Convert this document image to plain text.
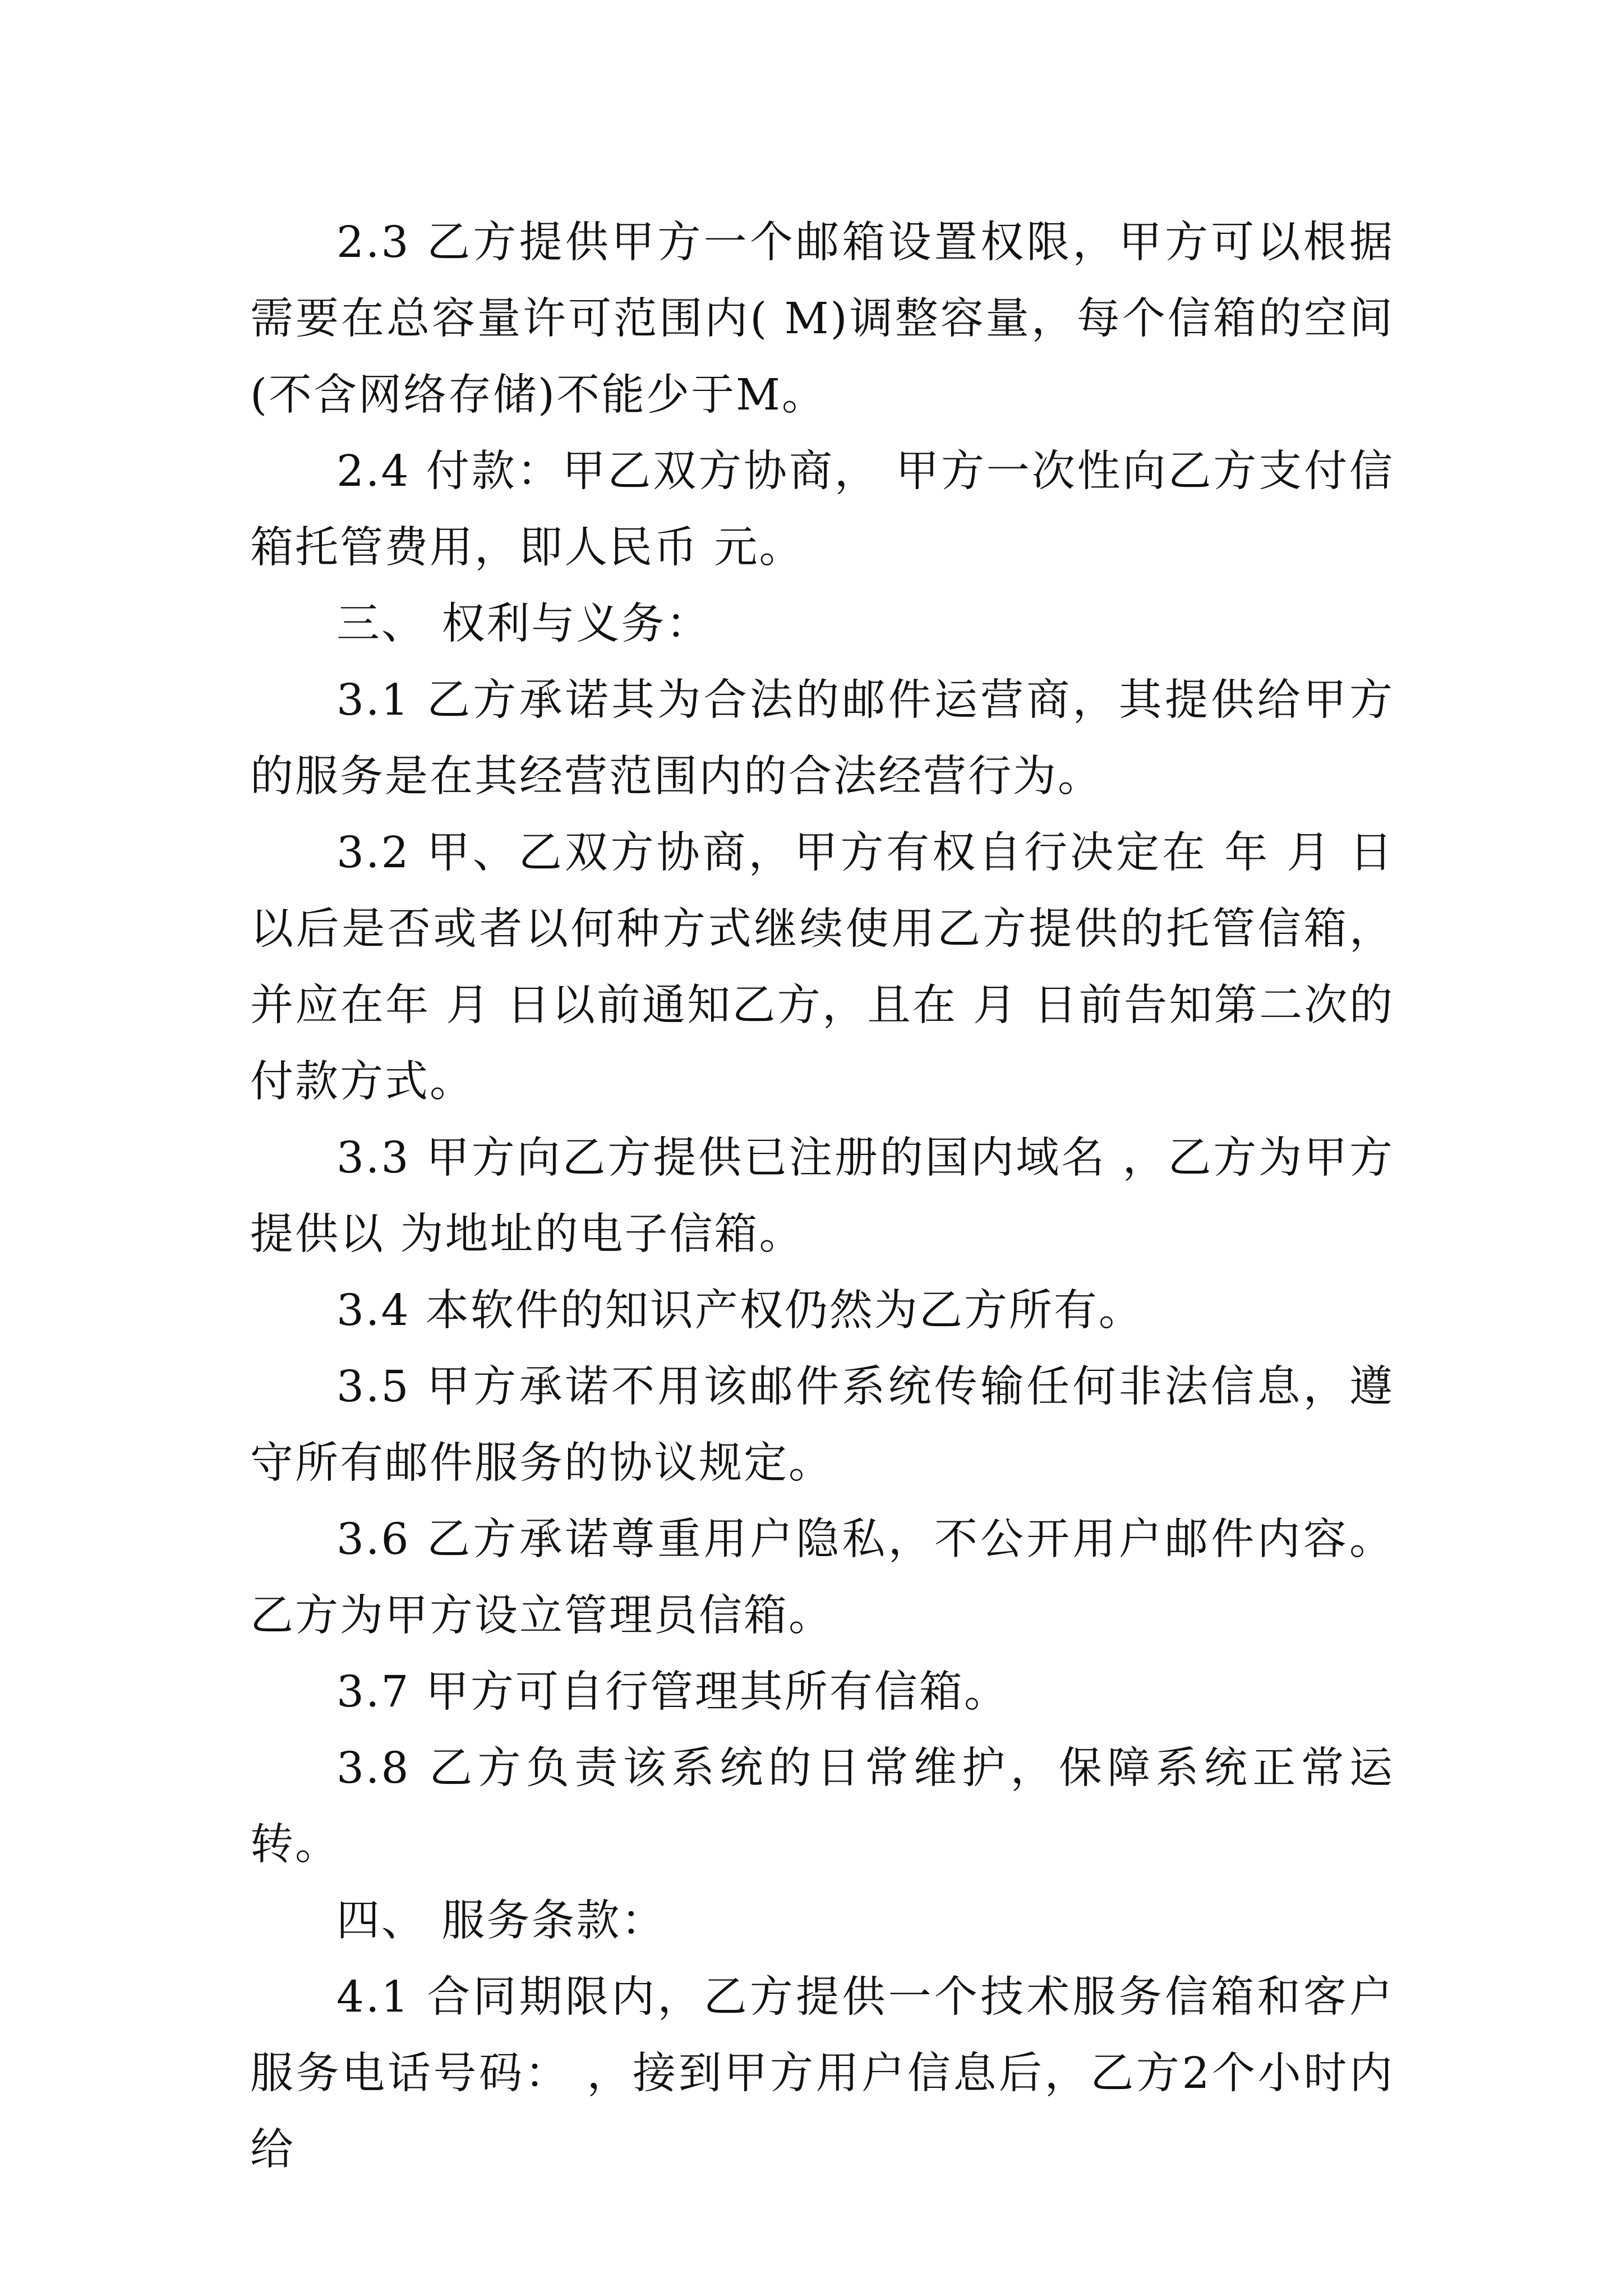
2.3 乙方提供甲方一个邮箱设置权限，甲方可以根据需要在总容量许可范围内( M)调整容量，每个信箱的空间(不含网络存储)不能少于M。

2.4 付款：甲乙双方协商， 甲方一次性向乙方支付信箱托管费用，即人民币 元。

三、 权利与义务：

3.1 乙方承诺其为合法的邮件运营商，其提供给甲方的服务是在其经营范围内的合法经营行为。

3.2 甲、乙双方协商，甲方有权自行决定在 年 月 日以后是否或者以何种方式继续使用乙方提供的托管信箱，并应在年 月 日以前通知乙方，且在 月 日前告知第二次的付款方式。

3.3 甲方向乙方提供已注册的国内域名 ，乙方为甲方提供以 为地址的电子信箱。

3.4 本软件的知识产权仍然为乙方所有。

3.5 甲方承诺不用该邮件系统传输任何非法信息，遵守所有邮件服务的协议规定。

3.6 乙方承诺尊重用户隐私，不公开用户邮件内容。乙方为甲方设立管理员信箱。

3.7 甲方可自行管理其所有信箱。

3.8 乙方负责该系统的日常维护，保障系统正常运转。

四、 服务条款：

4.1 合同期限内，乙方提供一个技术服务信箱和客户服务电话号码： ，接到甲方用户信息后，乙方2个小时内给
